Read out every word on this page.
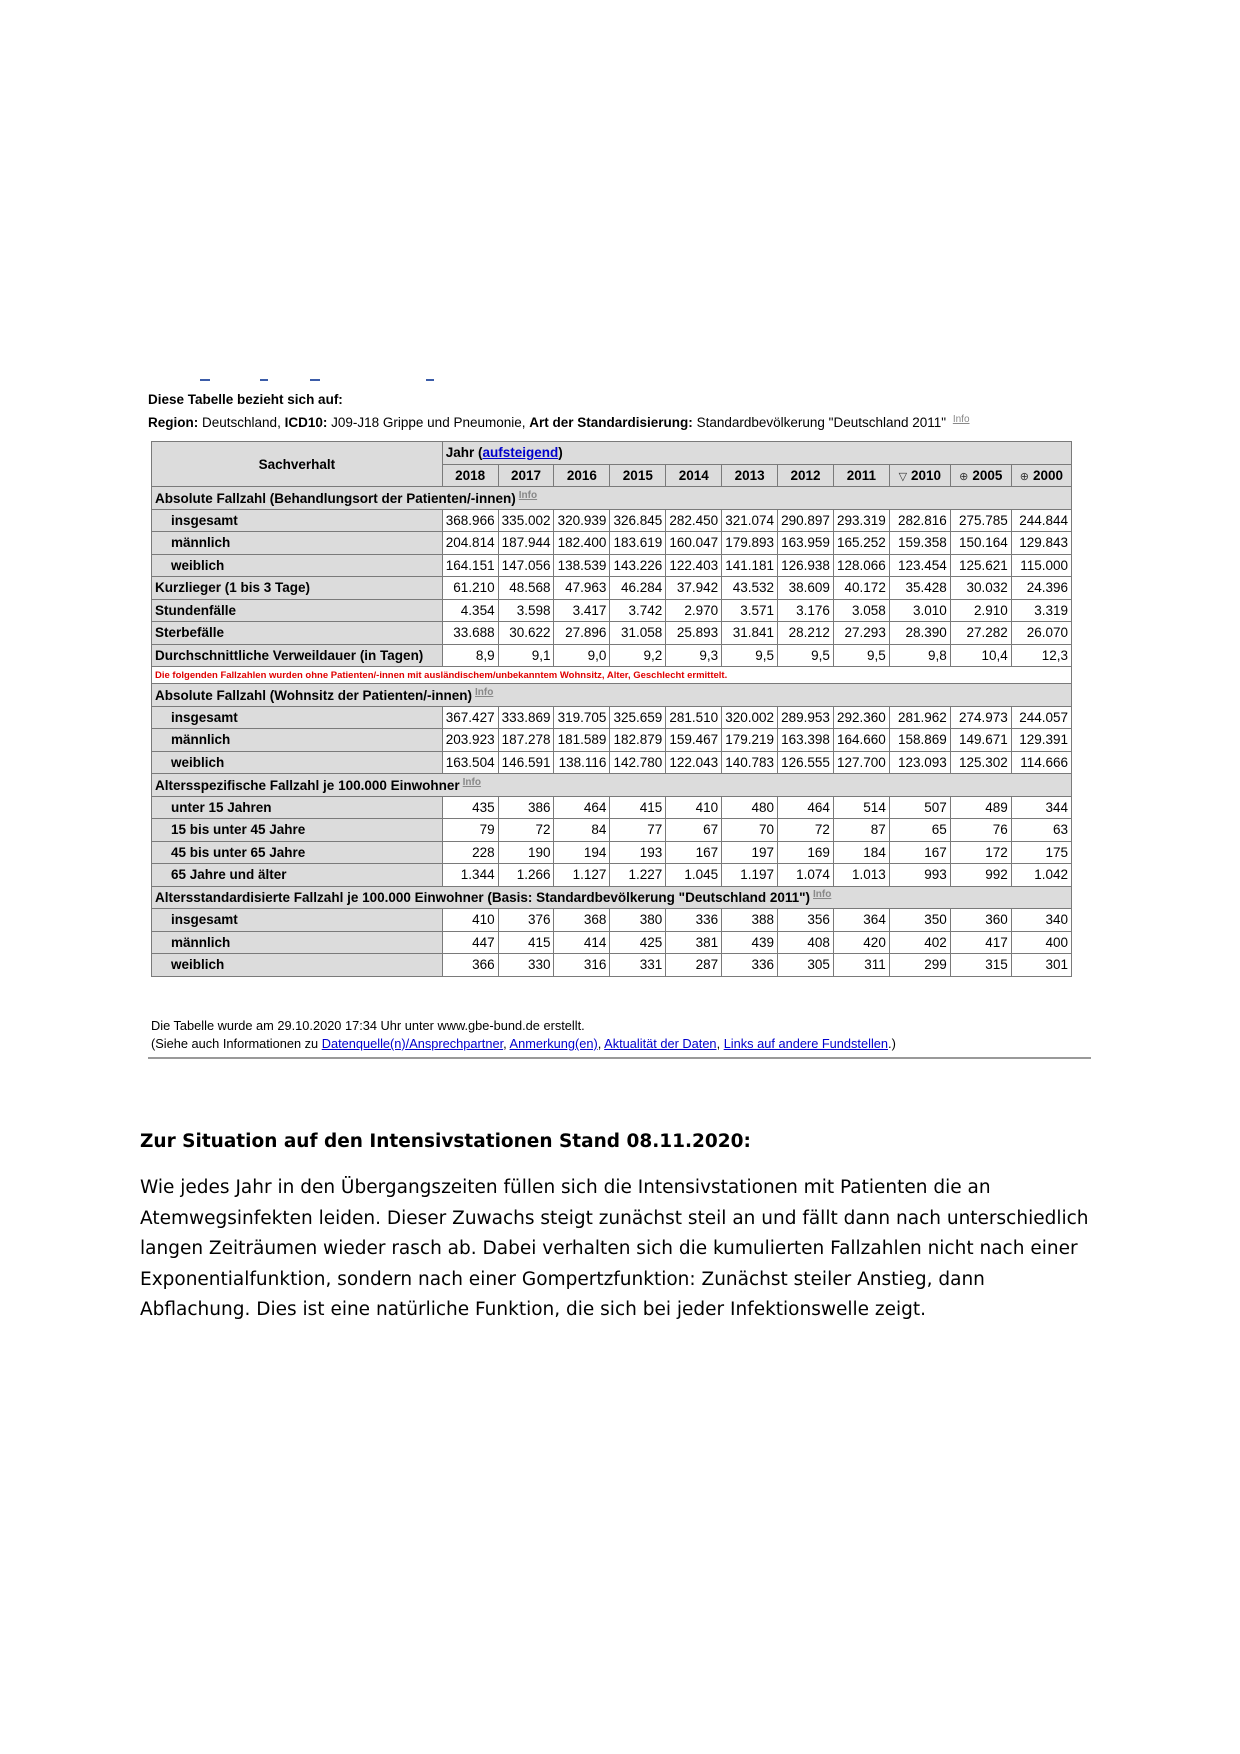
Diese Tabelle bezieht sich auf:
Region: Deutschland, ICD10: J09-J18 Grippe und Pneumonie, Art der Standardisierung: Standardbevölkerung "Deutschland 2011" $^{Info}$
Sachverhalt	Jahr (aufsteigend)										
	2018	2017	2016	2015	2014	2013	2012	2011	▽ 2010	⊕ 2005	⊕ 2000
Absolute Fallzahl (Behandlungsort der Patienten/-innen) $^{Info}$
insgesamt	368.966	335.002	320.939	326.845	282.450	321.074	290.897	293.319	282.816	275.785	244.844
männlich	204.814	187.944	182.400	183.619	160.047	179.893	163.959	165.252	159.358	150.164	129.843
weiblich	164.151	147.056	138.539	143.226	122.403	141.181	126.938	128.066	123.454	125.621	115.000
Kurzlieger (1 bis 3 Tage)	61.210	48.568	47.963	46.284	37.942	43.532	38.609	40.172	35.428	30.032	24.396
Stundenfälle	4.354	3.598	3.417	3.742	2.970	3.571	3.176	3.058	3.010	2.910	3.319
Sterbefälle	33.688	30.622	27.896	31.058	25.893	31.841	28.212	27.293	28.390	27.282	26.070
Durchschnittliche Verweildauer (in Tagen)	8,9	9,1	9,0	9,2	9,3	9,5	9,5	9,5	9,8	10,4	12,3
Die folgenden Fallzahlen wurden ohne Patienten/-innen mit ausländischem/unbekanntem Wohnsitz, Alter, Geschlecht ermittelt.											
Absolute Fallzahl (Wohnsitz der Patienten/-innen) $^{Info}$
insgesamt	367.427	333.869	319.705	325.659	281.510	320.002	289.953	292.360	281.962	274.973	244.057
männlich	203.923	187.278	181.589	182.879	159.467	179.219	163.398	164.660	158.869	149.671	129.391
weiblich	163.504	146.591	138.116	142.780	122.043	140.783	126.555	127.700	123.093	125.302	114.666
Altersspezifische Fallzahl je 100.000 Einwohner $^{Info}$
unter 15 Jahren	435	386	464	415	410	480	464	514	507	489	344
15 bis unter 45 Jahre	79	72	84	77	67	70	72	87	65	76	63
45 bis unter 65 Jahre	228	190	194	193	167	197	169	184	167	172	175
65 Jahre und älter	1.344	1.266	1.127	1.227	1.045	1.197	1.074	1.013	993	992	1.042
Altersstandardisierte Fallzahl je 100.000 Einwohner (Basis: Standardbevölkerung "Deutschland 2011") $^{Info}$
insgesamt	410	376	368	380	336	388	356	364	350	360	340
männlich	447	415	414	425	381	439	408	420	402	417	400
weiblich	366	330	316	331	287	336	305	311	299	315	301
Die Tabelle wurde am 29.10.2020 17:34 Uhr unter www.gbe-bund.de erstellt.
(Siehe auch Informationen zu Datenquelle(n)/Ansprechpartner, Anmerkung(en), Aktualität der Daten, Links auf andere Fundstellen.)
Zur Situation auf den Intensivstationen Stand 08.11.2020:

Wie jedes Jahr in den Übergangszeiten füllen sich die Intensivstationen mit Patienten die an Atemwegsinfekten leiden. Dieser Zuwachs steigt zunächst steil an und fällt dann nach unterschiedlich langen Zeiträumen wieder rasch ab. Dabei verhalten sich die kumulierten Fallzahlen nicht nach einer Exponentialfunktion, sondern nach einer Gompertzfunktion: Zunächst steiler Anstieg, dann Abflachung. Dies ist eine natürliche Funktion, die sich bei jeder Infektionswelle zeigt.
